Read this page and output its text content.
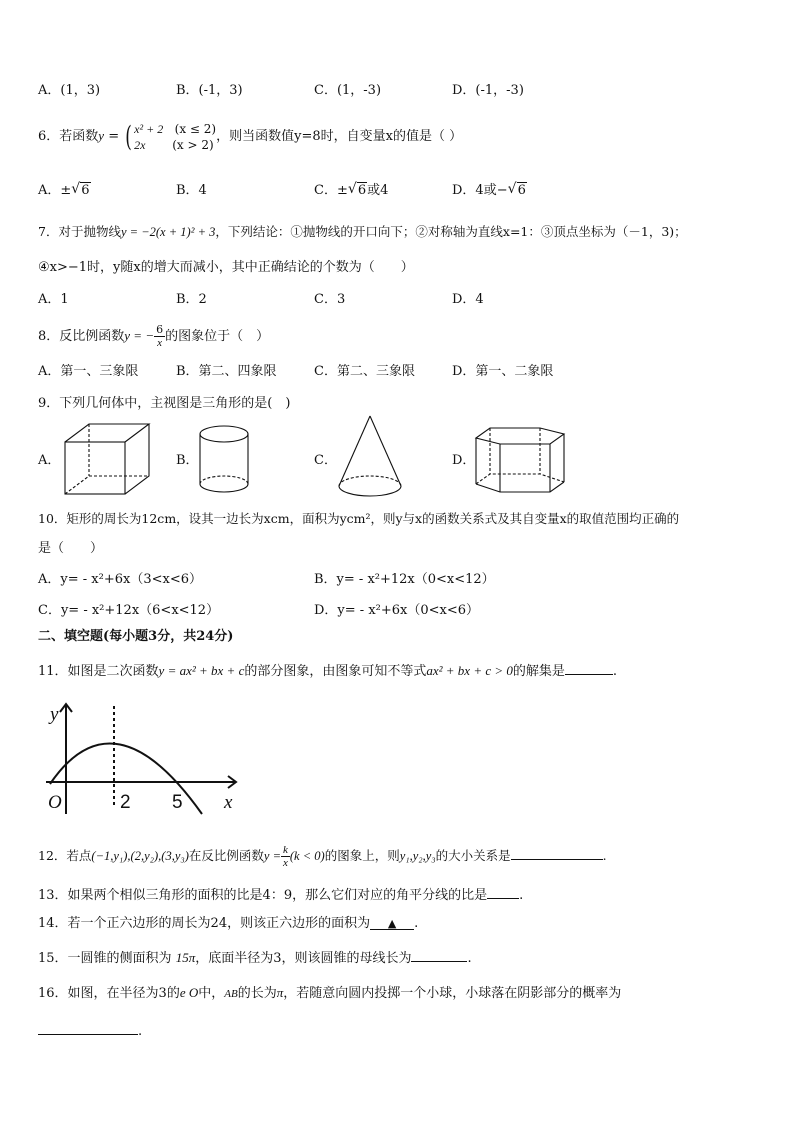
A．(1，3)	B．(-1，3)	C．(1，-3)	D．(-1，-3)
6．若函数y = ( x² + 2 (x ≤ 2)
2x (x > 2)，则当函数值y=8时，自变量x的值是（ ）
A．± √ 6	B．4	C．± √ 6或4	D．4或− √ 6
7．对于抛物线y = −2(x + 1)² + 3，下列结论：①抛物线的开口向下；②对称轴为直线x=1：③顶点坐标为（－1，3)；
④x>−1时，y随x的增大而减小，其中正确结论的个数为（　　）
A．1	B．2	C．3	D．4
8．反比例函数y = − $\frac{6}{x}$ 的图象位于（　）
A．第一、三象限	B．第二、四象限	C．第二、三象限	D．第一、二象限
9．下列几何体中，主视图是三角形的是(　)
A．	B．	C．	D．
10．矩形的周长为12cm，设其一边长为xcm，面积为ycm²，则y与x的函数关系式及其自变量x的取值范围均正确的
是（　　）
A．y= - x²+6x（3<x<6）	B．y= - x²+12x（0<x<12）
C．y= - x²+12x（6<x<12）	D．y= - x²+6x（0<x<6）
二、填空题(每小题3分，共24分)
11．如图是二次函数y = ax² + bx + c的部分图象，由图象可知不等式ax² + bx + c > 0的解集是	.
y
x
O	2 5
12．若点(−1,y₁),(2,y₂),(3,y₃)在反比例函数$y = \frac{k}{x} (k < 0)$的图象上，则y₁,y₂,y₃的大小关系是	.
13．如果两个相似三角形的面积的比是4：9，那么它们对应的角平分线的比是 .
14．若一个正六边形的周长为24，则该正六边形的面积为 ▲ .
15．一圆锥的侧面积为 15π，底面半径为3，则该圆锥的母线长为	.
16．如图，在半径为3的e O中，AB的长为π，若随意向圆内投掷一个小球，小球落在阴影部分的概率为
.
